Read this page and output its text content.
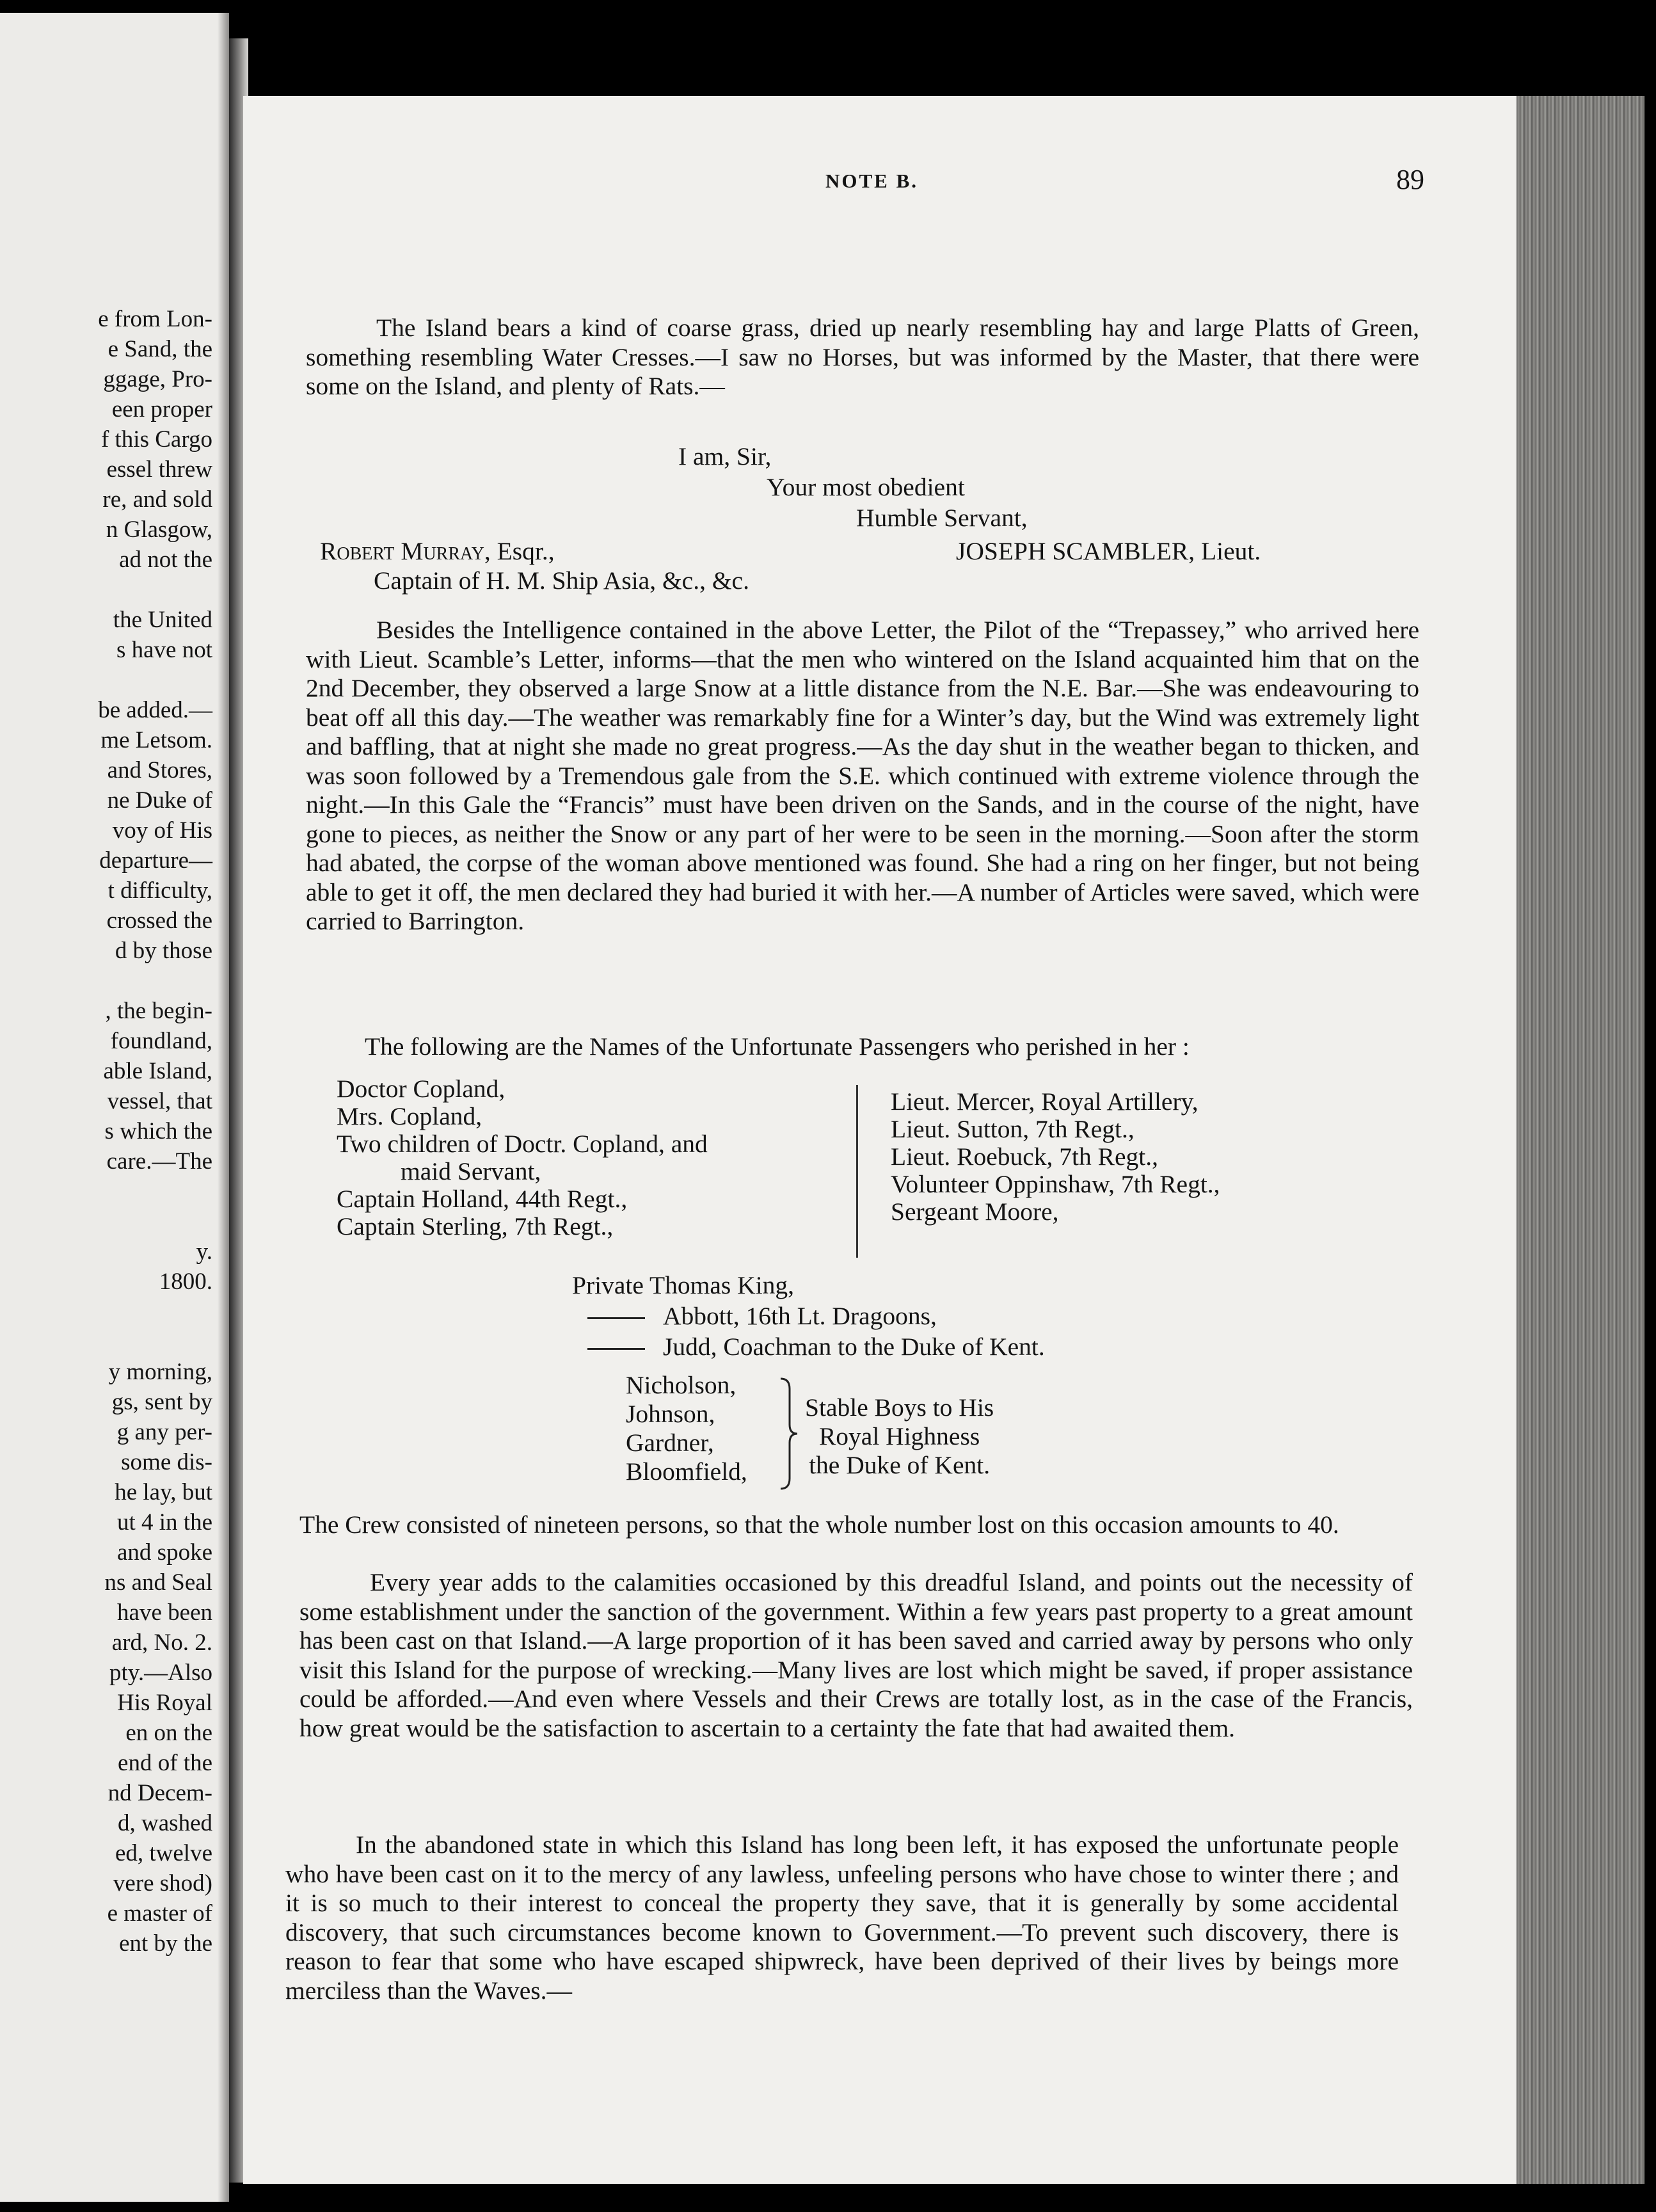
e from Lon-
e Sand, the
ggage, Pro-
een proper
f this Cargo
essel threw
re, and sold
n Glasgow,
ad not the
the United
s have not
be added.—
me Letsom.
and Stores,
ne Duke of
voy of His
departure—
t difficulty,
crossed the
d by those
, the begin-
foundland,
able Island,
vessel, that
s which the
care.—The
y.
1800.
y morning,
gs, sent by
g any per-
some dis-
he lay, but
ut 4 in the
and spoke
ns and Seal
have been
ard, No. 2.
pty.—Also
His Royal
en on the
end of the
nd Decem-
d, washed
ed, twelve
vere shod)
e master of
ent by the
NOTE B.	89

The Island bears a kind of coarse grass, dried up nearly resembling hay and large Platts of Green, something resembling Water Cresses.—I saw no Horses, but was informed by the Master, that there were some on the Island, and plenty of Rats.—

I am, Sir,
Your most obedient
Humble Servant,
Robert Murray, Esqr.,	JOSEPH SCAMBLER, Lieut.
Captain of H. M. Ship Asia, &c., &c.

Besides the Intelligence contained in the above Letter, the Pilot of the “Trepassey,” who arrived here with Lieut. Scamble’s Letter, informs—that the men who wintered on the Island acquainted him that on the 2nd December, they observed a large Snow at a little distance from the N.E. Bar.—She was endeavouring to beat off all this day.—The weather was remarkably fine for a Winter’s day, but the Wind was extremely light and baffling, that at night she made no great progress.—As the day shut in the weather began to thicken, and was soon followed by a Tremendous gale from the S.E. which continued with extreme violence through the night.—In this Gale the “Francis” must have been driven on the Sands, and in the course of the night, have gone to pieces, as neither the Snow or any part of her were to be seen in the morning.—Soon after the storm had abated, the corpse of the woman above mentioned was found. She had a ring on her finger, but not being able to get it off, the men declared they had buried it with her.—A number of Articles were saved, which were carried to Barrington.

The following are the Names of the Unfortunate Passengers who perished in her :
Doctor Copland,
Mrs. Copland,
Two children of Doctr. Copland, and
maid Servant,
Captain Holland, 44th Regt.,
Captain Sterling, 7th Regt.,
Lieut. Mercer, Royal Artillery,
Lieut. Sutton, 7th Regt.,
Lieut. Roebuck, 7th Regt.,
Volunteer Oppinshaw, 7th Regt.,
Sergeant Moore,
Private Thomas King,
Abbott, 16th Lt. Dragoons,
Judd, Coachman to the Duke of Kent.
Nicholson,
Johnson,
Gardner,
Bloomfield,
Stable Boys to His
Royal Highness
the Duke of Kent.

The Crew consisted of nineteen persons, so that the whole number lost on this occasion amounts to 40.

Every year adds to the calamities occasioned by this dreadful Island, and points out the necessity of some establishment under the sanction of the government. Within a few years past property to a great amount has been cast on that Island.—A large proportion of it has been saved and carried away by persons who only visit this Island for the purpose of wrecking.—Many lives are lost which might be saved, if proper assistance could be afforded.—And even where Vessels and their Crews are totally lost, as in the case of the Francis, how great would be the satisfaction to ascertain to a certainty the fate that had awaited them.

In the abandoned state in which this Island has long been left, it has exposed the unfortunate people who have been cast on it to the mercy of any lawless, unfeeling persons who have chose to winter there ; and it is so much to their interest to conceal the property they save, that it is generally by some accidental discovery, that such circumstances become known to Government.—To prevent such discovery, there is reason to fear that some who have escaped shipwreck, have been deprived of their lives by beings more merciless than the Waves.—
